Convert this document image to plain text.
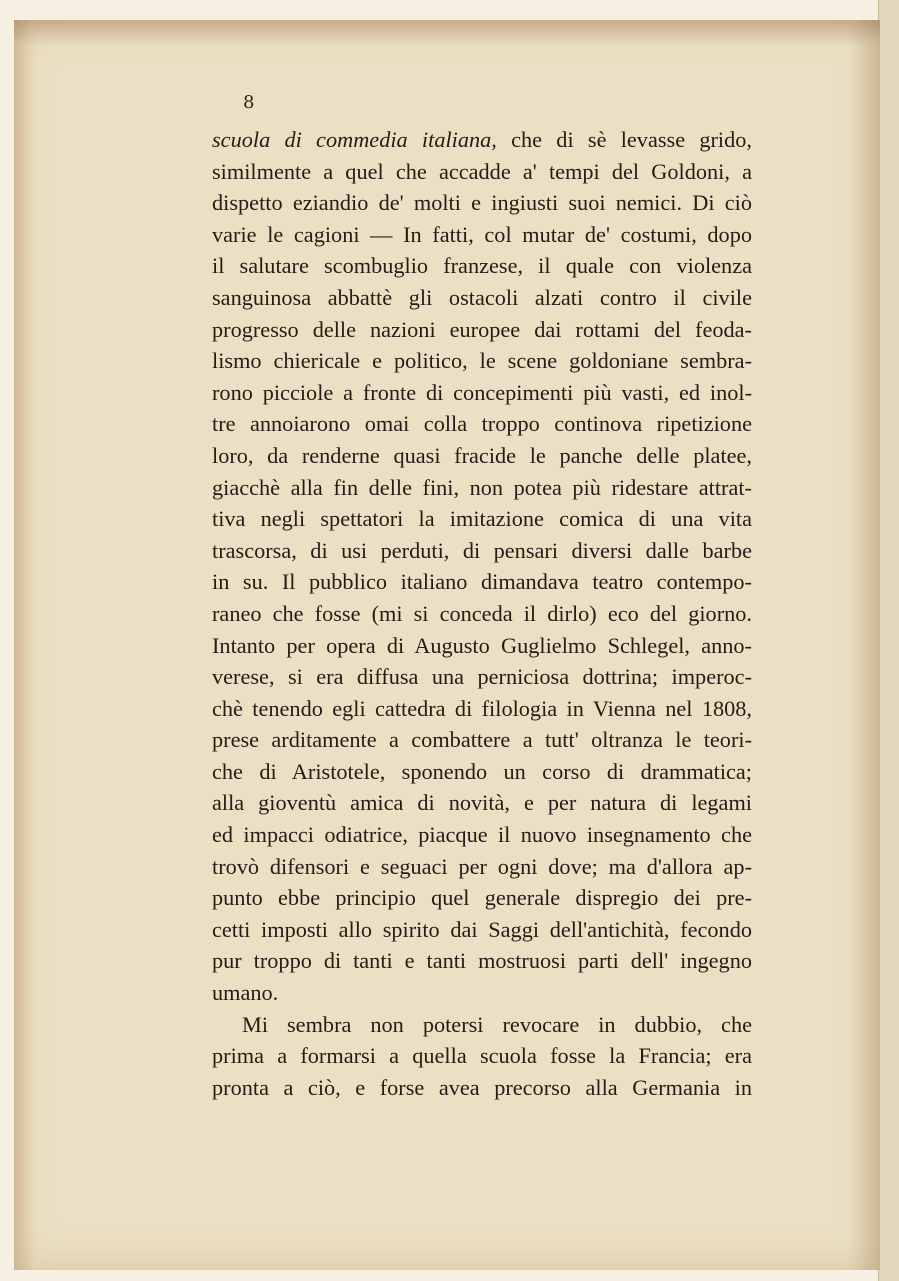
8
scuola di commedia italiana, che di sè levasse grido,
similmente a quel che accadde a' tempi del Goldoni, a
dispetto eziandio de' molti e ingiusti suoi nemici. Di ciò
varie le cagioni — In fatti, col mutar de' costumi, dopo
il salutare scombuglio franzese, il quale con violenza
sanguinosa abbattè gli ostacoli alzati contro il civile
progresso delle nazioni europee dai rottami del feoda-
lismo chiericale e politico, le scene goldoniane sembra-
rono picciole a fronte di concepimenti più vasti, ed inol-
tre annoiarono omai colla troppo continova ripetizione
loro, da renderne quasi fracide le panche delle platee,
giacchè alla fin delle fini, non potea più ridestare attrat-
tiva negli spettatori la imitazione comica di una vita
trascorsa, di usi perduti, di pensari diversi dalle barbe
in su. Il pubblico italiano dimandava teatro contempo-
raneo che fosse (mi si conceda il dirlo) eco del giorno.
Intanto per opera di Augusto Guglielmo Schlegel, anno-
verese, si era diffusa una perniciosa dottrina; imperoc-
chè tenendo egli cattedra di filologia in Vienna nel 1808,
prese arditamente a combattere a tutt' oltranza le teori-
che di Aristotele, sponendo un corso di drammatica;
alla gioventù amica di novità, e per natura di legami
ed impacci odiatrice, piacque il nuovo insegnamento che
trovò difensori e seguaci per ogni dove; ma d'allora ap-
punto ebbe principio quel generale dispregio dei pre-
cetti imposti allo spirito dai Saggi dell'antichità, fecondo
pur troppo di tanti e tanti mostruosi parti dell' ingegno
umano.
Mi sembra non potersi revocare in dubbio, che
prima a formarsi a quella scuola fosse la Francia; era
pronta a ciò, e forse avea precorso alla Germania in
